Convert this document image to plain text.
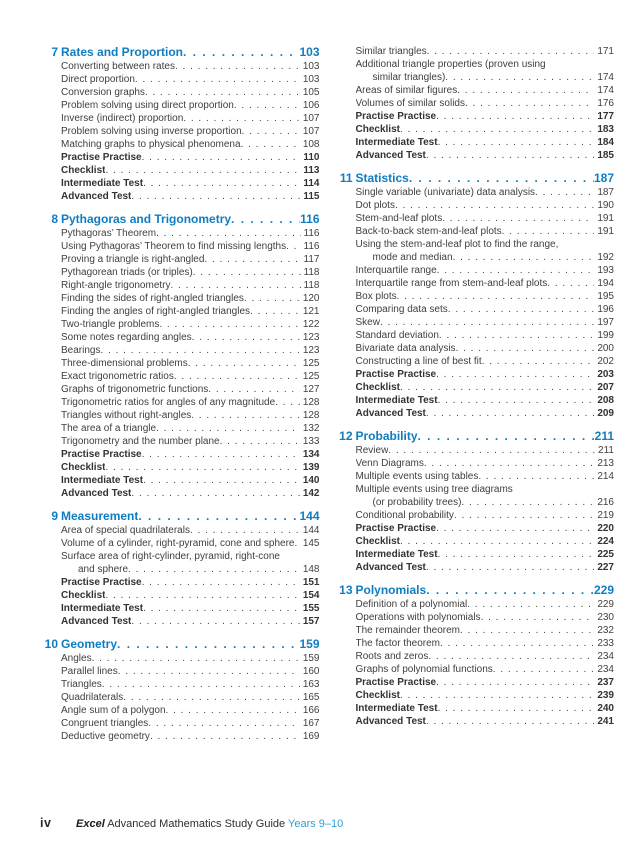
7 Rates and Proportion . . .	103
Converting between rates . . .	103
Direct proportion . . .	103
Conversion graphs . . .	105
Problem solving using direct proportion . . .	106
Inverse (indirect) proportion . . .	107
Problem solving using inverse proportion . . .	107
Matching graphs to physical phenomena . . .	108
Practise Practise . . .	110
Checklist . . .	113
Intermediate Test . . .	114
Advanced Test . . .	115
8 Pythagoras and Trigonometry . . .	116
Pythagoras’ Theorem . . .	116
Using Pythagoras’ Theorem to find missing lengths . . .	116
Proving a triangle is right-angled . . .	117
Pythagorean triads (or triples) . . .	118
Right-angle trigonometry . . .	118
Finding the sides of right-angled triangles . . .	120
Finding the angles of right-angled triangles . . .	121
Two-triangle problems . . .	122
Some notes regarding angles . . .	123
Bearings . . .	123
Three-dimensional problems . . .	125
Exact trigonometric ratios . . .	125
Graphs of trigonometric functions . . .	127
Trigonometric ratios for angles of any magnitude . . .	128
Triangles without right-angles . . .	128
The area of a triangle . . .	132
Trigonometry and the number plane . . .	133
Practise Practise . . .	134
Checklist . . .	139
Intermediate Test . . .	140
Advanced Test . . .	142
9 Measurement . . .	144
Area of special quadrilaterals . . .	144
Volume of a cylinder, right-pyramid, cone and sphere . . . 145
Surface area of right-cylinder, pyramid, right-cone
and sphere . . .	148
Practise Practise . . .	151
Checklist . . .	154
Intermediate Test . . .	155
Advanced Test . . .	157
10 Geometry . . .	159
Angles . . .	159
Parallel lines . . .	160
Triangles . . .	163
Quadrilaterals . . .	165
Angle sum of a polygon . . .	166
Congruent triangles . . .	167
Deductive geometry . . .	169
Similar triangles . . .	171
Additional triangle properties (proven using
similar triangles) . . .	174
Areas of similar figures . . .	174
Volumes of similar solids . . .	176
Practise Practise . . .	177
Checklist . . .	183
Intermediate Test . . .	184
Advanced Test . . .	185
11 Statistics . . .	187
Single variable (univariate) data analysis . . .	187
Dot plots . . .	190
Stem-and-leaf plots . . .	191
Back-to-back stem-and-leaf plots . . .	191
Using the stem-and-leaf plot to find the range,
mode and median . . .	192
Interquartile range . . .	193
Interquartile range from stem-and-leaf plots . . .	194
Box plots . . .	195
Comparing data sets . . .	196
Skew . . .	197
Standard deviation . . .	199
Bivariate data analysis . . .	200
Constructing a line of best fit . . .	202
Practise Practise . . .	203
Checklist . . .	207
Intermediate Test . . .	208
Advanced Test . . .	209
12 Probability . . .	211
Review . . .	211
Venn Diagrams . . .	213
Multiple events using tables . . .	214
Multiple events using tree diagrams
(or probability trees) . . .	216
Conditional probability . . .	219
Practise Practise . . .	220
Checklist . . .	224
Intermediate Test . . .	225
Advanced Test . . .	227
13 Polynomials . . .	229
Definition of a polynomial . . .	229
Operations with polynomials . . .	230
The remainder theorem . . .	232
The factor theorem . . .	233
Roots and zeros . . .	234
Graphs of polynomial functions . . .	234
Practise Practise . . .	237
Checklist . . .	239
Intermediate Test . . .	240
Advanced Test . . .	241
iv Excel Advanced Mathematics Study Guide Years 9–10
